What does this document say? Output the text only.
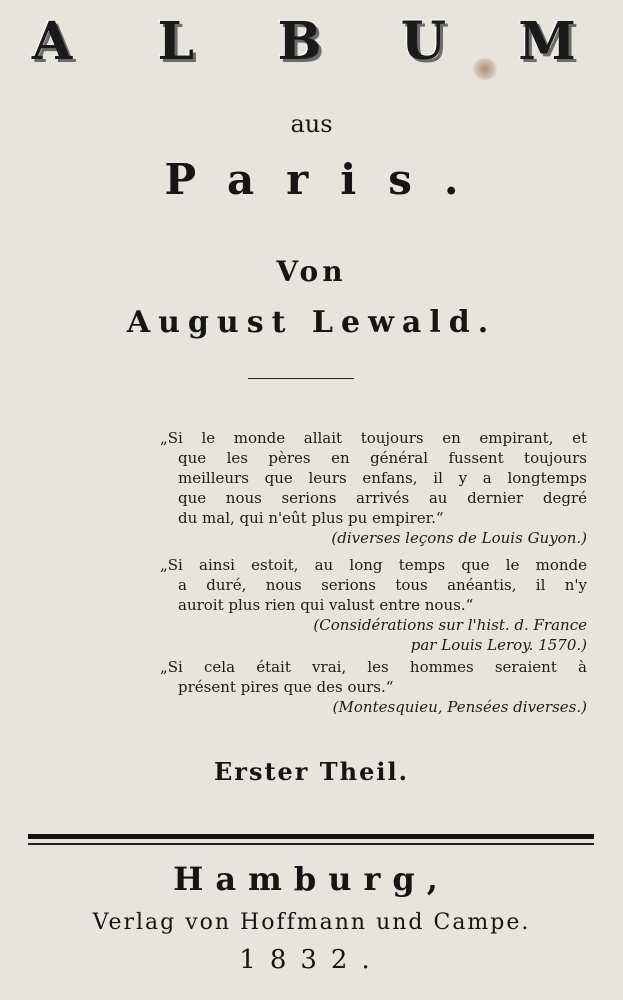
A L B U M
aus
Paris.
Von
August Lewald.
„Si le monde allait toujours en empirant, et
que les pères en général fussent toujours
meilleurs que leurs enfans, il y a longtemps
que nous serions arrivés au dernier degré
du mal, qui n'eût plus pu empirer.“
(diverses leçons de Louis Guyon.)
„Si ainsi estoit, au long temps que le monde
a duré, nous serions tous anéantis, il n'y
auroit plus rien qui valust entre nous.“
(Considérations sur l'hist. d. France
par Louis Leroy. 1570.)
„Si cela était vrai, les hommes seraient à
présent pires que des ours.“
(Montesquieu, Pensées diverses.)
Erster Theil.
Hamburg,
Verlag von Hoffmann und Campe.
1832.
